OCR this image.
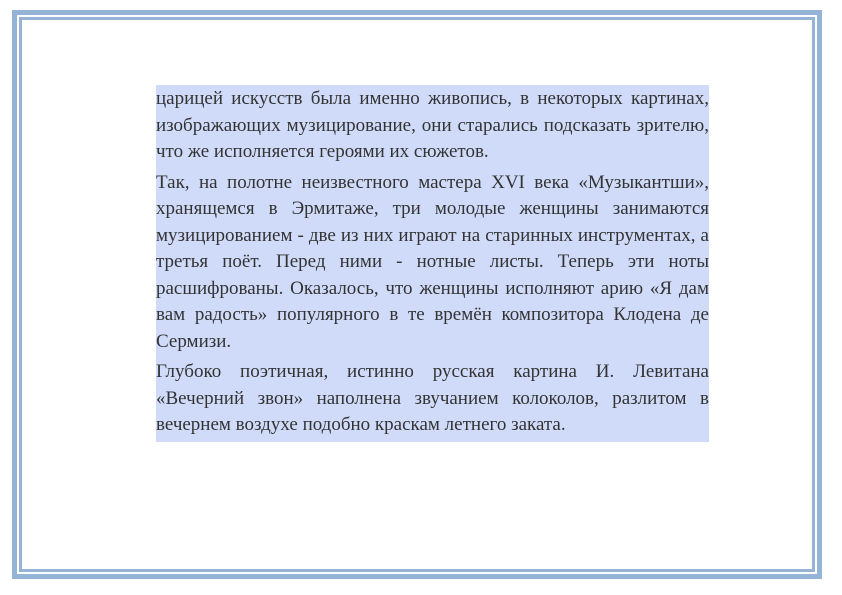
царицей искусств была именно живопись, в некоторых картинах, изображающих музицирование, они старались подсказать зрителю, что же исполняется героями их сюжетов.

Так, на полотне неизвестного мастера XVI века «Музыкантши», хранящемся в Эрмитаже, три молодые женщины занимаются музицированием - две из них играют на старинных инструментах, а третья поёт. Перед ними - нотные листы. Теперь эти ноты расшифрованы. Оказалось, что женщины исполняют арию «Я дам вам радость» популярного в те времён композитора Клодена де Сермизи.

Глубоко поэтичная, истинно русская картина И. Левитана «Вечерний звон» наполнена звучанием колоколов, разлитом в вечернем воздухе подобно краскам летнего заката.
